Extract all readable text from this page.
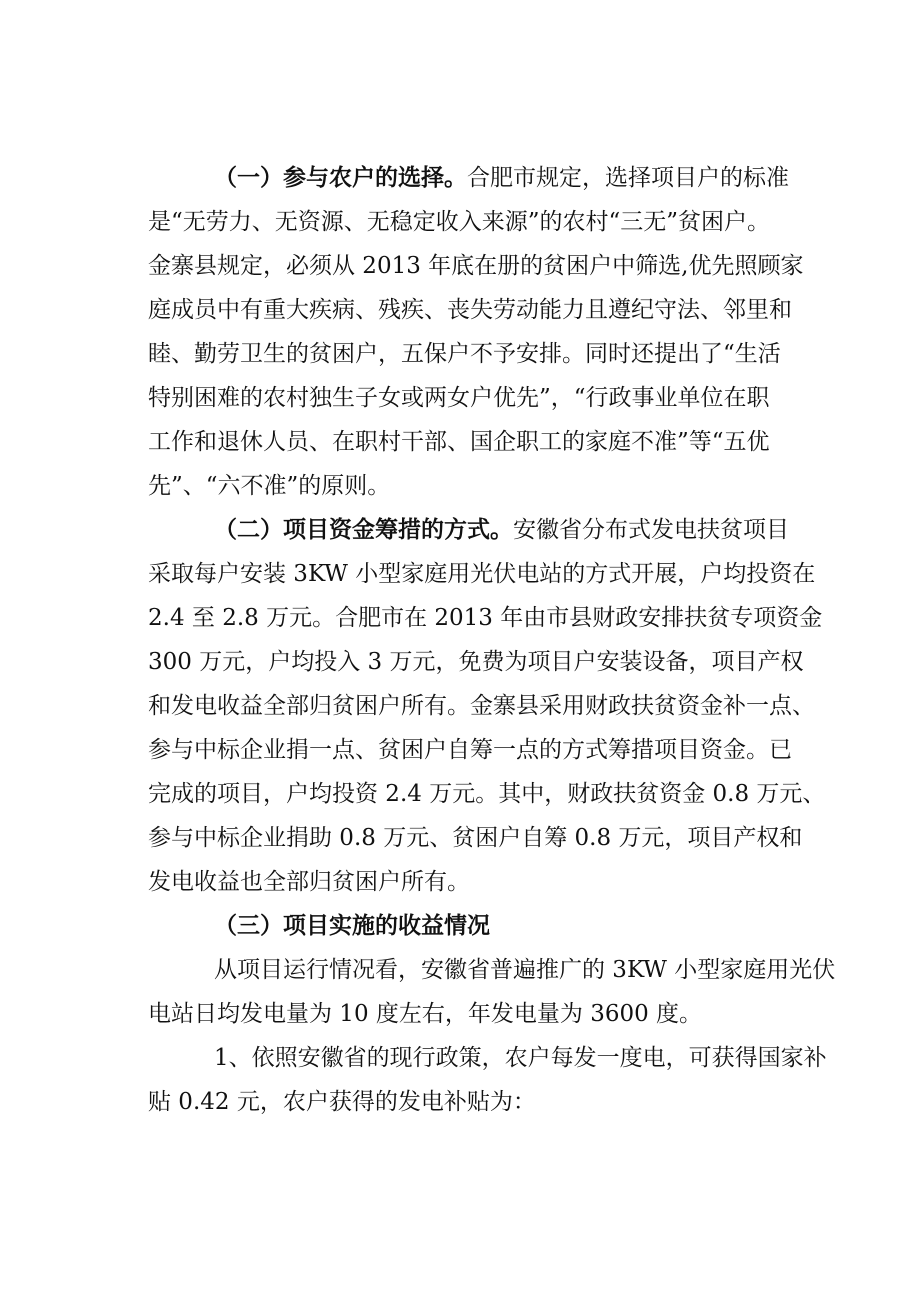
（一）参与农户的选择。合肥市规定，选择项目户的标准
是“无劳力、无资源、无稳定收入来源”的农村“三无”贫困户。
金寨县规定，必须从 2013 年底在册的贫困户中筛选,优先照顾家
庭成员中有重大疾病、残疾、丧失劳动能力且遵纪守法、邻里和
睦、勤劳卫生的贫困户，五保户不予安排。同时还提出了“生活
特别困难的农村独生子女或两女户优先”，“行政事业单位在职
工作和退休人员、在职村干部、国企职工的家庭不准”等“五优
先”、“六不准”的原则。
（二）项目资金筹措的方式。安徽省分布式发电扶贫项目
采取每户安装 3KW 小型家庭用光伏电站的方式开展，户均投资在
2.4 至 2.8 万元。合肥市在 2013 年由市县财政安排扶贫专项资金
300 万元，户均投入 3 万元，免费为项目户安装设备，项目产权
和发电收益全部归贫困户所有。金寨县采用财政扶贫资金补一点、
参与中标企业捐一点、贫困户自筹一点的方式筹措项目资金。已
完成的项目，户均投资 2.4 万元。其中，财政扶贫资金 0.8 万元、
参与中标企业捐助 0.8 万元、贫困户自筹 0.8 万元，项目产权和
发电收益也全部归贫困户所有。
（三）项目实施的收益情况
从项目运行情况看，安徽省普遍推广的 3KW 小型家庭用光伏
电站日均发电量为 10 度左右，年发电量为 3600 度。
1、依照安徽省的现行政策，农户每发一度电，可获得国家补
贴 0.42 元，农户获得的发电补贴为：
